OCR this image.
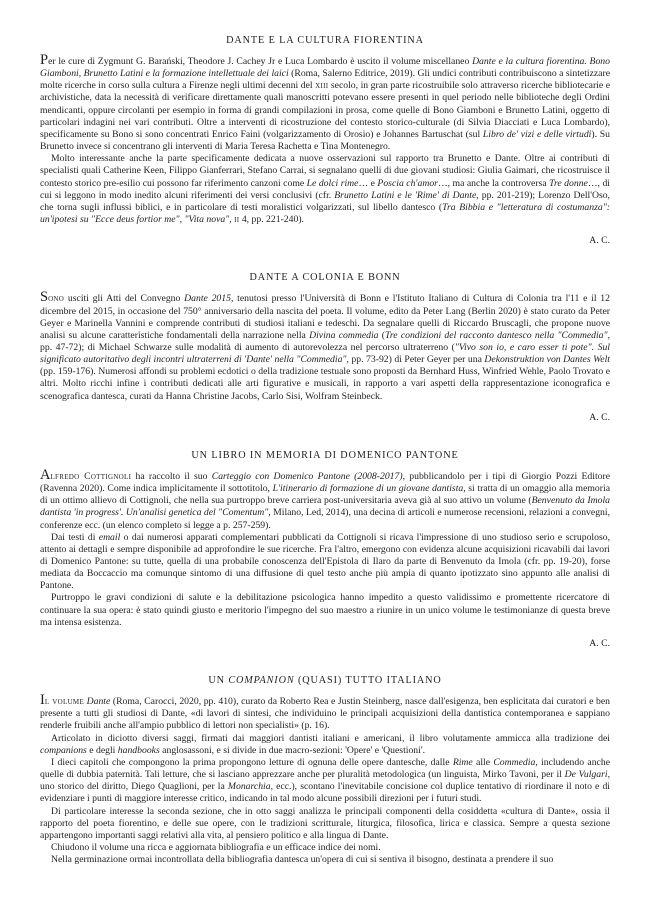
DANTE E LA CULTURA FIORENTINA

Per le cure di Zygmunt G. Barański, Theodore J. Cachey Jr e Luca Lombardo è uscito il volume miscellaneo Dante e la cultura fiorentina. Bono Giamboni, Brunetto Latini e la formazione intellettuale dei laici (Roma, Salerno Editrice, 2019). Gli undici contributi contribuiscono a sintetizzare molte ricerche in corso sulla cultura a Firenze negli ultimi decenni del xiii secolo, in gran parte ricostruibile solo attraverso ricerche bibliotecarie e archivistiche, data la necessità di verificare direttamente quali manoscritti potevano essere presenti in quel periodo nelle biblioteche degli Ordini mendicanti, oppure circolanti per esempio in forma di grandi compilazioni in prosa, come quelle di Bono Giamboni e Brunetto Latini, oggetto di particolari indagini nei vari contributi. Oltre a interventi di ricostruzione del contesto storico-culturale (di Silvia Diacciati e Luca Lombardo), specificamente su Bono si sono concentrati Enrico Faini (volgarizzamento di Orosio) e Johannes Bartuschat (sul Libro de' vizi e delle virtudi). Su Brunetto invece si concentrano gli interventi di Maria Teresa Rachetta e Tina Montenegro.

Molto interessante anche la parte specificamente dedicata a nuove osservazioni sul rapporto tra Brunetto e Dante. Oltre ai contributi di specialisti quali Catherine Keen, Filippo Gianferrari, Stefano Carrai, si segnalano quelli di due giovani studiosi: Giulia Gaimari, che ricostruisce il contesto storico pre-esilio cui possono far riferimento canzoni come Le dolci rime… e Poscia ch'amor…, ma anche la controversa Tre donne…, di cui si leggono in modo inedito alcuni riferimenti dei versi conclusivi (cfr. Brunetto Latini e le 'Rime' di Dante, pp. 201-219); Lorenzo Dell'Oso, che torna sugli influssi biblici, e in particolare di testi moralistici volgarizzati, sul libello dantesco (Tra Bibbia e "letteratura di costumanza": un'ipotesi su "Ecce deus fortior me", "Vita nova", ii 4, pp. 221-240).

A. C.
DANTE A COLONIA E BONN

Sono usciti gli Atti del Convegno Dante 2015, tenutosi presso l'Università di Bonn e l'Istituto Italiano di Cultura di Colonia tra l'11 e il 12 dicembre del 2015, in occasione del 750° anniversario della nascita del poeta. Il volume, edito da Peter Lang (Berlin 2020) è stato curato da Peter Geyer e Marinella Vannini e comprende contributi di studiosi italiani e tedeschi. Da segnalare quelli di Riccardo Bruscagli, che propone nuove analisi su alcune caratteristiche fondamentali della narrazione nella Divina commedia (Tre condizioni del racconto dantesco nella "Commedia", pp. 47-72); di Michael Schwarze sulle modalità di aumento di autorevolezza nel percorso ultraterreno ("Vivo son io, e caro esser ti pote". Sul significato autoritativo degli incontri ultraterreni di 'Dante' nella "Commedia", pp. 73-92) di Peter Geyer per una Dekonstruktion von Dantes Welt (pp. 159-176). Numerosi affondi su problemi ecdotici o della tradizione testuale sono proposti da Bernhard Huss, Winfried Wehle, Paolo Trovato e altri. Molto ricchi infine i contributi dedicati alle arti figurative e musicali, in rapporto a vari aspetti della rappresentazione iconografica e scenografica dantesca, curati da Hanna Christine Jacobs, Carlo Sisi, Wolfram Steinbeck.

A. C.
UN LIBRO IN MEMORIA DI DOMENICO PANTONE

Alfredo Cottignoli ha raccolto il suo Carteggio con Domenico Pantone (2008-2017), pubblicandolo per i tipi di Giorgio Pozzi Editore (Ravenna 2020). Come indica implicitamente il sottotitolo, L'itinerario di formazione di un giovane dantista, si tratta di un omaggio alla memoria di un ottimo allievo di Cottignoli, che nella sua purtroppo breve carriera post-universitaria aveva già al suo attivo un volume (Benvenuto da Imola dantista 'in progress'. Un'analisi genetica del "Comentum", Milano, Led, 2014), una decina di articoli e numerose recensioni, relazioni a convegni, conferenze ecc. (un elenco completo si legge a p. 257-259).

Dai testi di email o dai numerosi apparati complementari pubblicati da Cottignoli si ricava l'impressione di uno studioso serio e scrupoloso, attento ai dettagli e sempre disponibile ad approfondire le sue ricerche. Fra l'altro, emergono con evidenza alcune acquisizioni ricavabili dai lavori di Domenico Pantone: su tutte, quella di una probabile conoscenza dell'Epistola di Ilaro da parte di Benvenuto da Imola (cfr. pp. 19-20), forse mediata da Boccaccio ma comunque sintomo di una diffusione di quel testo anche più ampia di quanto ipotizzato sino appunto alle analisi di Pantone.

Purtroppo le gravi condizioni di salute e la debilitazione psicologica hanno impedito a questo validissimo e promettente ricercatore di continuare la sua opera: è stato quindi giusto e meritorio l'impegno del suo maestro a riunire in un unico volume le testimonianze di questa breve ma intensa esistenza.

A. C.
UN COMPANION (QUASI) TUTTO ITALIANO

Il volume Dante (Roma, Carocci, 2020, pp. 410), curato da Roberto Rea e Justin Steinberg, nasce dall'esigenza, ben esplicitata dai curatori e ben presente a tutti gli studiosi di Dante, «di lavori di sintesi, che individuino le principali acquisizioni della dantistica contemporanea e sappiano renderle fruibili anche all'ampio pubblico di lettori non specialisti» (p. 16).

Articolato in diciotto diversi saggi, firmati dai maggiori dantisti italiani e americani, il libro volutamente ammicca alla tradizione dei companions e degli handbooks anglosassoni, e si divide in due macro-sezioni: 'Opere' e 'Questioni'.

I dieci capitoli che compongono la prima propongono letture di ognuna delle opere dantesche, dalle Rime alle Commedia, includendo anche quelle di dubbia paternità. Tali letture, che si lasciano apprezzare anche per pluralità metodologica (un linguista, Mirko Tavoni, per il De Vulgari, uno storico del diritto, Diego Quaglioni, per la Monarchia, ecc.), scontano l'inevitabile concisione col duplice tentativo di riordinare il noto e di evidenziare i punti di maggiore interesse critico, indicando in tal modo alcune possibili direzioni per i futuri studi.

Di particolare interesse la seconda sezione, che in otto saggi analizza le principali componenti della cosiddetta «cultura di Dante», ossia il rapporto del poeta fiorentino, e delle sue opere, con le tradizioni scritturale, liturgica, filosofica, lirica e classica. Sempre a questa sezione appartengono importanti saggi relativi alla vita, al pensiero politico e alla lingua di Dante.

Chiudono il volume una ricca e aggiornata bibliografia e un efficace indice dei nomi.

Nella germinazione ormai incontrollata della bibliografia dantesca un'opera di cui si sentiva il bisogno, destinata a prendere il suo
